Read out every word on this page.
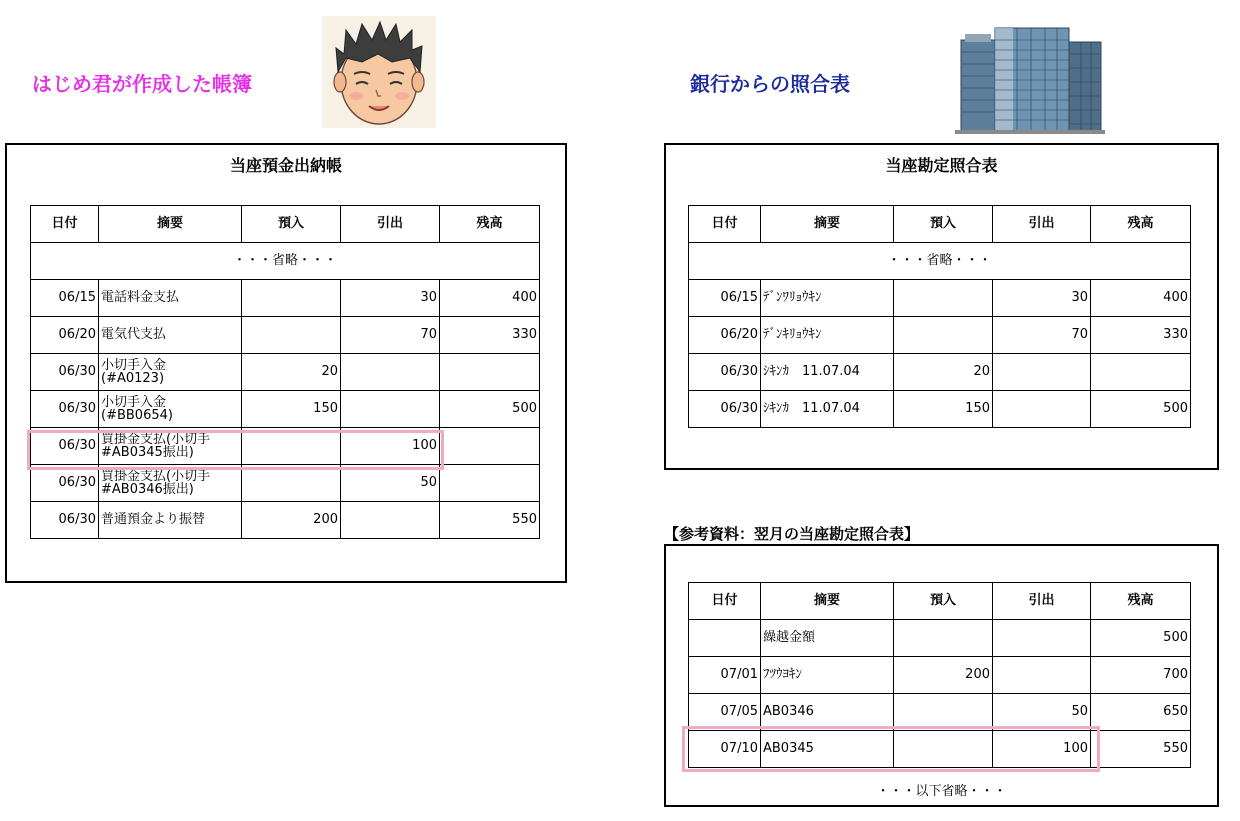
はじめ君が作成した帳簿	銀行からの照合表
当座預金出納帳
日付	摘要	預入	引出	残高
・・・省略・・・				
06/15	電話料金支払		30	400
06/20	電気代支払		70	330
06/30	小切手入金
(#A0123)	20		
06/30	小切手入金
(#BB0654)	150		500
06/30	買掛金支払(小切手
#AB0345振出)		100	
06/30	買掛金支払(小切手
#AB0346振出)		50	
06/30	普通預金より振替	200		550
当座勘定照合表
日付	摘要	預入	引出	残高
・・・省略・・・				
06/15	ﾃﾞﾝﾜﾘｮｳｷﾝ		30	400
06/20	ﾃﾞﾝｷﾘｮｳｷﾝ		70	330
06/30	ｼｷﾝｶ　11.07.04	20		
06/30	ｼｷﾝｶ　11.07.04	150		500
【参考資料：翌月の当座勘定照合表】
日付	摘要	預入	引出	残高
	繰越金額			500
07/01	ﾌﾂｳﾖｷﾝ	200		700
07/05	AB0346		50	650
07/10	AB0345		100	550
・・・以下省略・・・
